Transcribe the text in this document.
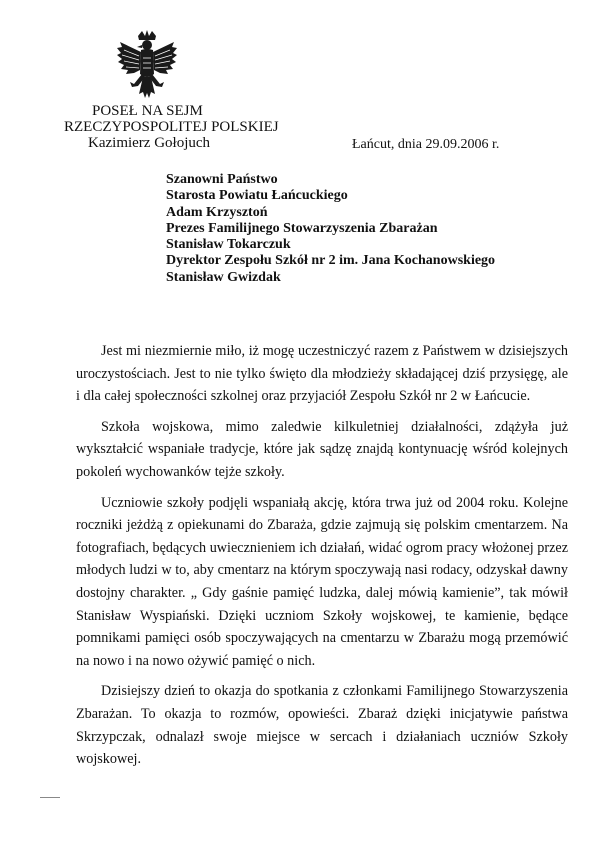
POSEŁ NA SEJM
RZECZYPOSPOLITEJ POLSKIEJ
Kazimierz Gołojuch	Łańcut, dnia 29.09.2006 r.
Szanowni Państwo
Starosta Powiatu Łańcuckiego
Adam Krzysztoń
Prezes Familijnego Stowarzyszenia Zbarażan
Stanisław Tokarczuk
Dyrektor Zespołu Szkół nr 2 im. Jana Kochanowskiego
Stanisław Gwizdak

Jest mi niezmiernie miło, iż mogę uczestniczyć razem z Państwem w dzisiejszych uroczystościach. Jest to nie tylko święto dla młodzieży składającej dziś przysięgę, ale i dla całej społeczności szkolnej oraz przyjaciół Zespołu Szkół nr 2 w Łańcucie.

Szkoła wojskowa, mimo zaledwie kilkuletniej działalności, zdążyła już wykształcić wspaniałe tradycje, które jak sądzę znajdą kontynuację wśród kolejnych pokoleń wychowanków tejże szkoły.

Uczniowie szkoły podjęli wspaniałą akcję, która trwa już od 2004 roku. Kolejne roczniki jeżdżą z opiekunami do Zbaraża, gdzie zajmują się polskim cmentarzem. Na fotografiach, będących uwiecznieniem ich działań, widać ogrom pracy włożonej przez młodych ludzi w to, aby cmentarz na którym spoczywają nasi rodacy, odzyskał dawny dostojny charakter. „ Gdy gaśnie pamięć ludzka, dalej mówią kamienie”, tak mówił Stanisław Wyspiański. Dzięki uczniom Szkoły wojskowej, te kamienie, będące pomnikami pamięci osób spoczywających na cmentarzu w Zbarażu mogą przemówić na nowo i na nowo ożywić pamięć o nich.

Dzisiejszy dzień to okazja do spotkania z członkami Familijnego Stowarzyszenia Zbarażan. To okazja to rozmów, opowieści. Zbaraż dzięki inicjatywie państwa Skrzypczak, odnalazł swoje miejsce w sercach i działaniach uczniów Szkoły wojskowej.
